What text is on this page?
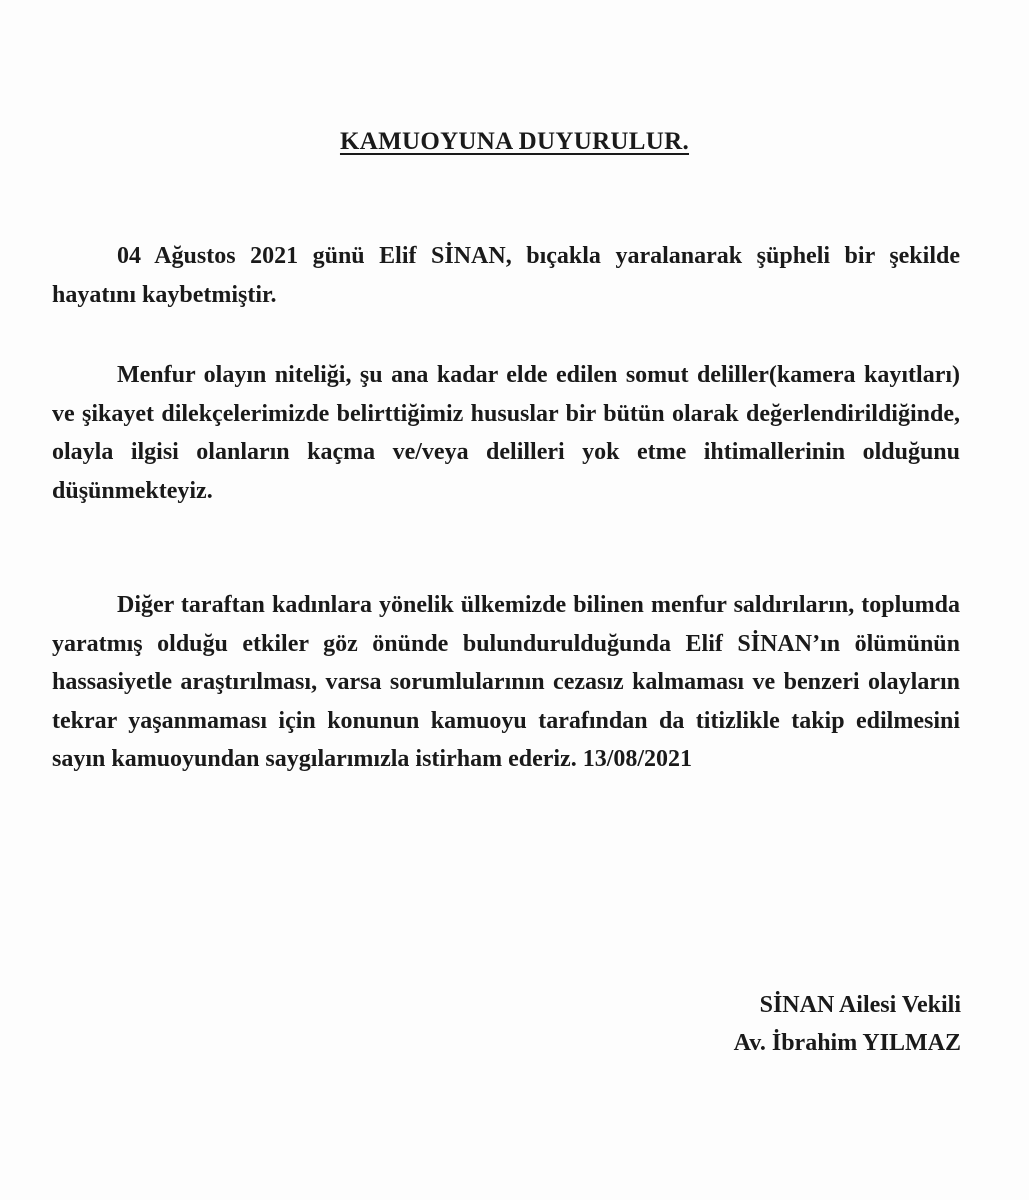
KAMUOYUNA DUYURULUR.

04 Ağustos 2021 günü Elif SİNAN, bıçakla yaralanarak şüpheli bir şekilde hayatını kaybetmiştir.

Menfur olayın niteliği, şu ana kadar elde edilen somut deliller(kamera kayıtları) ve şikayet dilekçelerimizde belirttiğimiz hususlar bir bütün olarak değerlendirildiğinde, olayla ilgisi olanların kaçma ve/veya delilleri yok etme ihtimallerinin olduğunu düşünmekteyiz.

Diğer taraftan kadınlara yönelik ülkemizde bilinen menfur saldırıların, toplumda yaratmış olduğu etkiler göz önünde bulundurulduğunda Elif SİNAN’ın ölümünün hassasiyetle araştırılması, varsa sorumlularının cezasız kalmaması ve benzeri olayların tekrar yaşanmaması için konunun kamuoyu tarafından da titizlikle takip edilmesini sayın kamuoyundan saygılarımızla istirham ederiz. 13/08/2021

SİNAN Ailesi Vekili
Av. İbrahim YILMAZ
